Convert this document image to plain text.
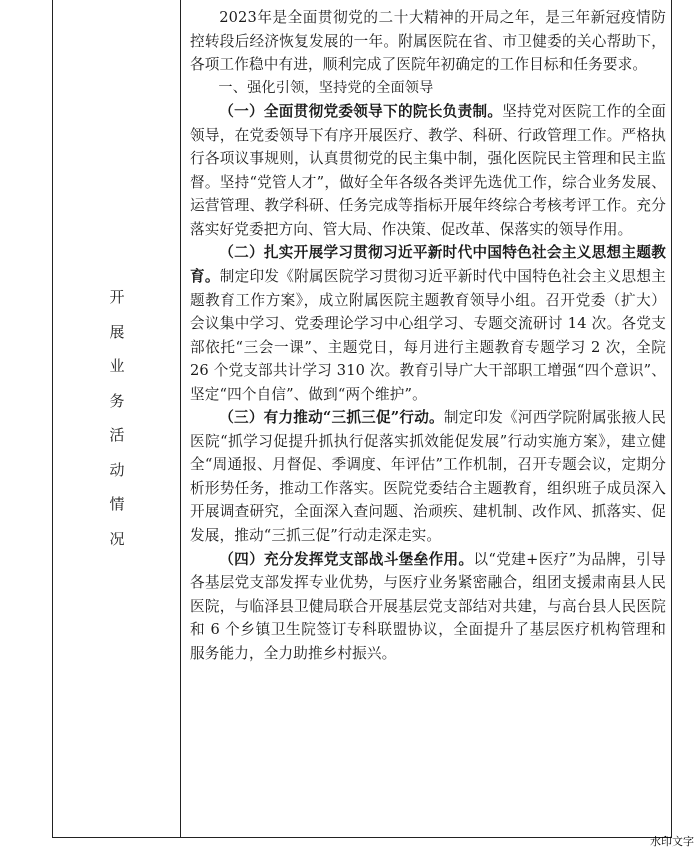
开
展
业
务
活
动
情
况

2023年是全面贯彻党的二十大精神的开局之年，是三年新冠疫情防控转段后经济恢复发展的一年。附属医院在省、市卫健委的关心帮助下，各项工作稳中有进，顺利完成了医院年初确定的工作目标和任务要求。

一、强化引领，坚持党的全面领导

（一）全面贯彻党委领导下的院长负责制。坚持党对医院工作的全面领导，在党委领导下有序开展医疗、教学、科研、行政管理工作。严格执行各项议事规则，认真贯彻党的民主集中制，强化医院民主管理和民主监督。坚持“党管人才”，做好全年各级各类评先选优工作，综合业务发展、运营管理、教学科研、任务完成等指标开展年终综合考核考评工作。充分落实好党委把方向、管大局、作决策、促改革、保落实的领导作用。

（二）扎实开展学习贯彻习近平新时代中国特色社会主义思想主题教育。制定印发《附属医院学习贯彻习近平新时代中国特色社会主义思想主题教育工作方案》，成立附属医院主题教育领导小组。召开党委（扩大）会议集中学习、党委理论学习中心组学习、专题交流研讨 14 次。各党支部依托“三会一课”、主题党日，每月进行主题教育专题学习 2 次，全院 26 个党支部共计学习 310 次。教育引导广大干部职工增强“四个意识”、坚定“四个自信”、做到“两个维护”。

（三）有力推动“三抓三促”行动。制定印发《河西学院附属张掖人民医院“抓学习促提升抓执行促落实抓效能促发展”行动实施方案》，建立健全“周通报、月督促、季调度、年评估”工作机制，召开专题会议，定期分析形势任务，推动工作落实。医院党委结合主题教育，组织班子成员深入开展调查研究，全面深入查问题、治顽疾、建机制、改作风、抓落实、促发展，推动“三抓三促”行动走深走实。

（四）充分发挥党支部战斗堡垒作用。以“党建+医疗”为品牌，引导各基层党支部发挥专业优势，与医疗业务紧密融合，组团支援肃南县人民医院，与临泽县卫健局联合开展基层党支部结对共建，与高台县人民医院和 6 个乡镇卫生院签订专科联盟协议，全面提升了基层医疗机构管理和服务能力，全力助推乡村振兴。

水印文字
